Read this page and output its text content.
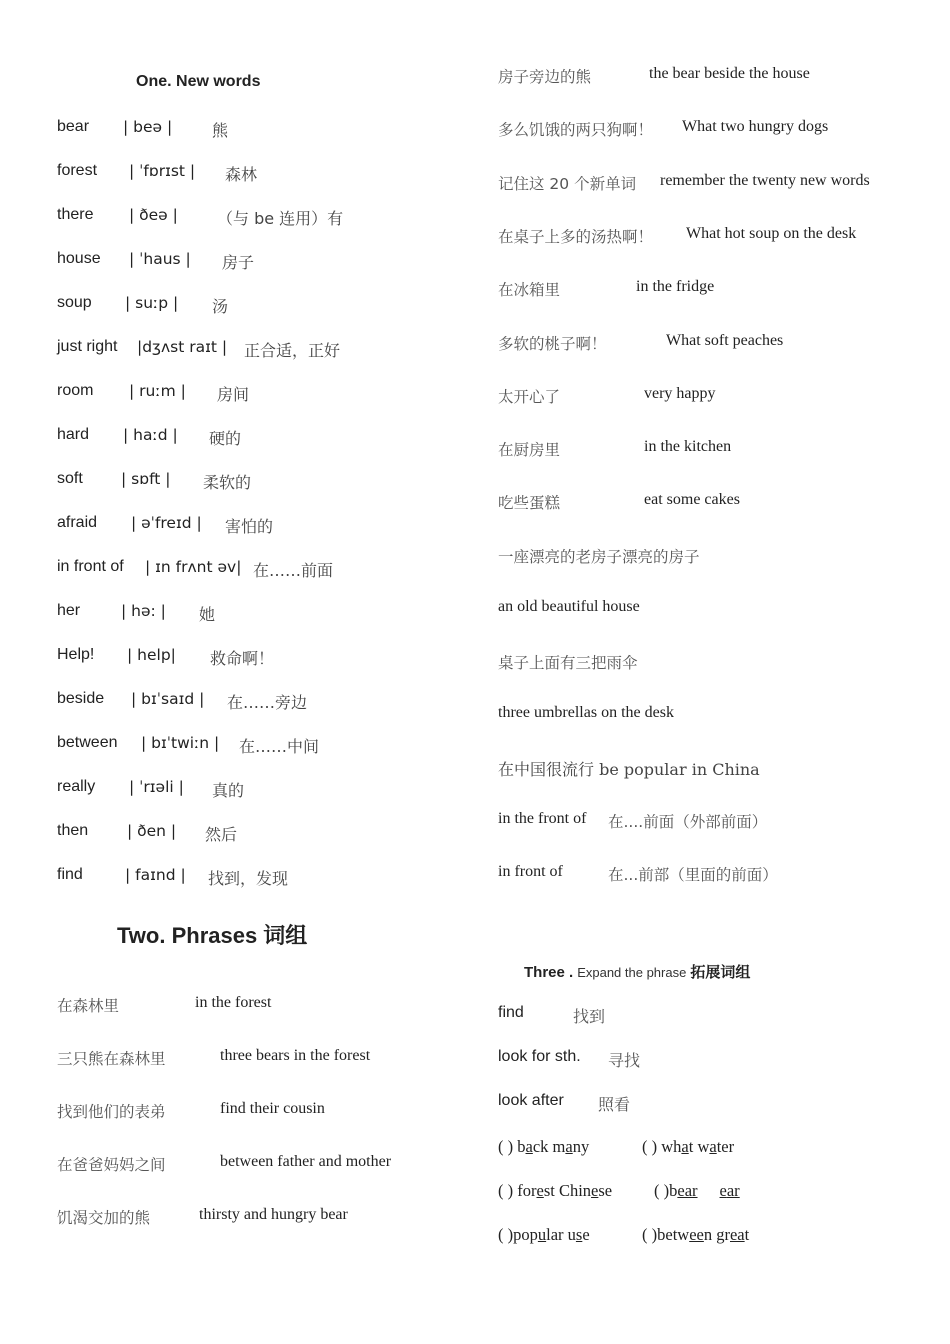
One. New words
bear | beə | 熊
forest | ˈfɒrɪst | 森林
there | ðeə | （与 be 连用）有
house | ˈhaus | 房子
soup | suːp | 汤
just right |dʒʌst raɪt | 正合适，正好
room | ruːm | 房间
hard | haːd | 硬的
soft | sɒft | 柔软的
afraid | əˈfreɪd | 害怕的
in front of | ɪn frʌnt əv| 在……前面
her	| hə: | 她
Help! | help| 救命啊！
beside | bɪˈsaɪd | 在……旁边
between | bɪˈtwiːn | 在……中间
really | ˈrɪəli | 真的
then	| ðen | 然后
find	| faɪnd | 找到，发现
Two. Phrases 词组
在森林里	in the forest
三只熊在森林里	three bears in the forest
找到他们的表弟	find their cousin
在爸爸妈妈之间	between father and mother
饥渴交加的熊	thirsty and hungry bear
房子旁边的熊	the bear beside the house
多么饥饿的两只狗啊！ What two hungry dogs
记住这 20 个新单词 remember the twenty new words
在桌子上多的汤热啊！ What hot soup on the desk
在冰箱里	in the fridge
多软的桃子啊！	What soft peaches
太开心了	very happy
在厨房里	in the kitchen
吃些蛋糕	eat some cakes
一座漂亮的老房子漂亮的房子
an old beautiful house
桌子上面有三把雨伞
three umbrellas on the desk
在中国很流行 be popular in China
in the front of 在....前面（外部前面）
in front of	在...前部（里面的前面）
Three . Expand the phrase 拓展词组
find	找到
look for sth. 寻找
look after 照看
( ) back many	( ) what water
( ) forest Chinese	( )bear ear
( )popular use	( )between great
